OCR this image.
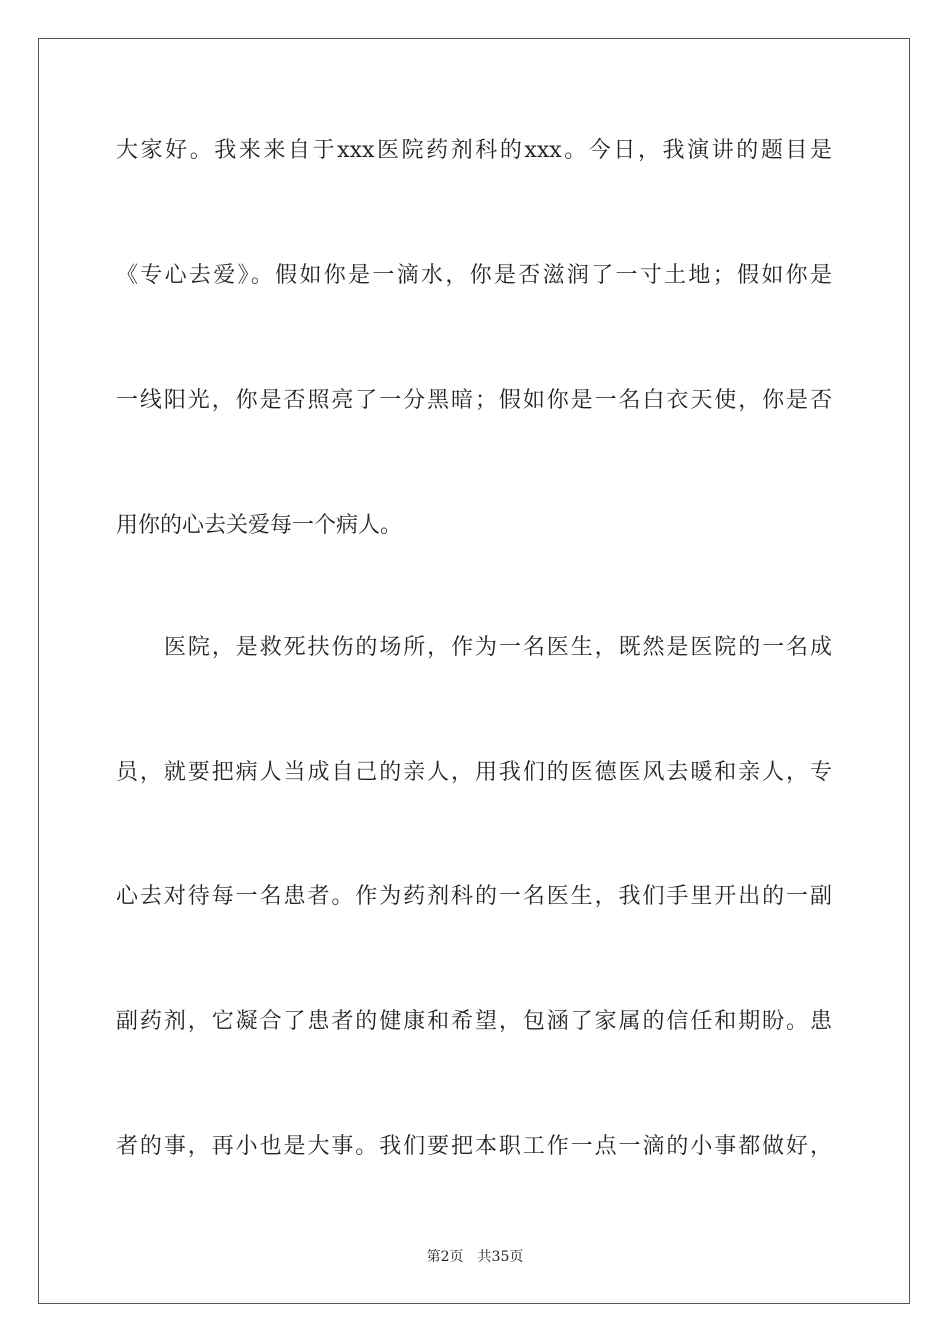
大家好。我来来自于xxx医院药剂科的xxx。今日，我演讲的题目是
《专心去爱》。假如你是一滴水，你是否滋润了一寸土地；假如你是
一线阳光，你是否照亮了一分黑暗；假如你是一名白衣天使，你是否
用你的心去关爱每一个病人。
医院，是救死扶伤的场所，作为一名医生，既然是医院的一名成
员，就要把病人当成自己的亲人，用我们的医德医风去暖和亲人，专
心去对待每一名患者。作为药剂科的一名医生，我们手里开出的一副
副药剂，它凝合了患者的健康和希望，包涵了家属的信任和期盼。患
者的事，再小也是大事。我们要把本职工作一点一滴的小事都做好，
第2页 共35页
